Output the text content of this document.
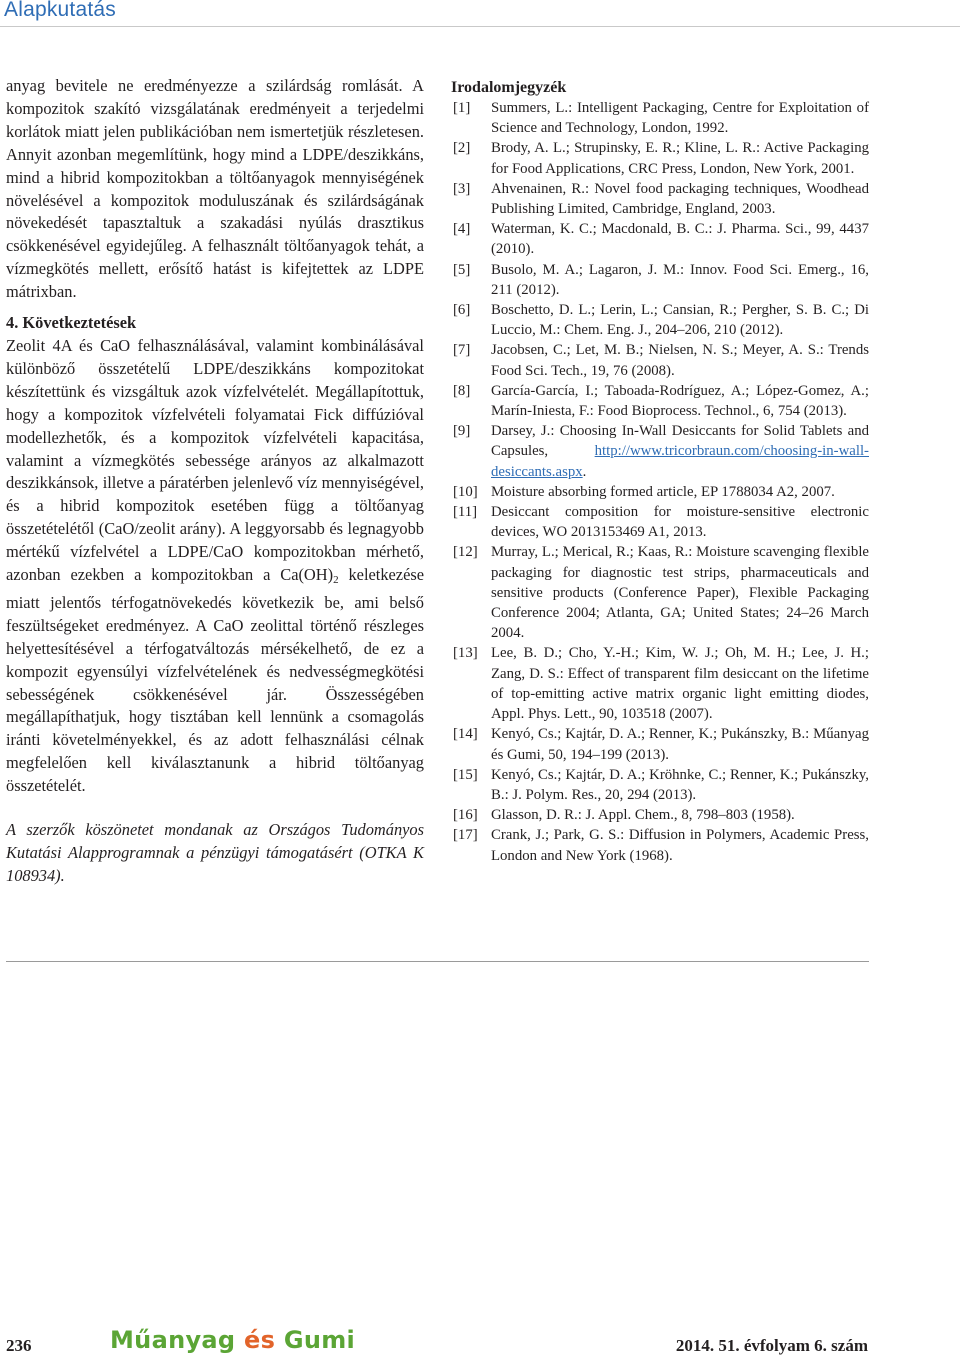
Alapkutatás

anyag bevitele ne eredményezze a szilárdság romlását. A kompozitok szakító vizsgálatának eredményeit a terjedelmi korlátok miatt jelen publikációban nem ismertetjük részletesen. Annyit azonban megemlítünk, hogy mind a LDPE/deszikkáns, mind a hibrid kompozitokban a töltőanyagok mennyiségének növelésével a kompozitok moduluszának és szilárdságának növekedését tapasztaltuk a szakadási nyúlás drasztikus csökkenésével egyidejűleg. A felhasznált töltőanyagok tehát, a vízmegkötés mellett, erősítő hatást is kifejtettek az LDPE mátrixban.

4. Következtetések

Zeolit 4A és CaO felhasználásával, valamint kombinálásával különböző összetételű LDPE/deszikkáns kompozitokat készítettünk és vizsgáltuk azok vízfelvételét. Megállapítottuk, hogy a kompozitok vízfelvételi folyamatai Fick diffúzióval modellezhetők, és a kompozitok vízfelvételi kapacitása, valamint a vízmegkötés sebessége arányos az alkalmazott deszikkánsok, illetve a páratérben jelenlevő víz mennyiségével, és a hibrid kompozitok esetében függ a töltőanyag összetételétől (CaO/zeolit arány). A leggyorsabb és legnagyobb mértékű vízfelvétel a LDPE/CaO kompozitokban mérhető, azonban ezekben a kompozitokban a $Ca(OH)_2$ keletkezése miatt jelentős térfogatnövekedés következik be, ami belső feszültségeket eredményez. A CaO zeolittal történő részleges helyettesítésével a térfogatváltozás mérsékelhető, de ez a kompozit egyensúlyi vízfelvételének és nedvességmegkötési sebességének csökkenésével jár. Összességében megállapíthatjuk, hogy tisztában kell lennünk a csomagolás iránti követelményekkel, és az adott felhasználási célnak megfelelően kell kiválasztanunk a hibrid töltőanyag összetételét.

A szerzők köszönetet mondanak az Országos Tudományos Kutatási Alapprogramnak a pénzügyi támogatásért (OTKA K 108934).

Irodalomjegyzék
[1]	Summers, L.: Intelligent Packaging, Centre for Exploitation of Science and Technology, London, 1992.
[2]	Brody, A. L.; Strupinsky, E. R.; Kline, L. R.: Active Packaging for Food Applications, CRC Press, London, New York, 2001.
[3]	Ahvenainen, R.: Novel food packaging techniques, Woodhead Publishing Limited, Cambridge, England, 2003.
[4]	Waterman, K. C.; Macdonald, B. C.: J. Pharma. Sci., 99, 4437 (2010).
[5]	Busolo, M. A.; Lagaron, J. M.: Innov. Food Sci. Emerg., 16, 211 (2012).
[6]	Boschetto, D. L.; Lerin, L.; Cansian, R.; Pergher, S. B. C.; Di Luccio, M.: Chem. Eng. J., 204–206, 210 (2012).
[7]	Jacobsen, C.; Let, M. B.; Nielsen, N. S.; Meyer, A. S.: Trends Food Sci. Tech., 19, 76 (2008).
[8]	García-García, I.; Taboada-Rodríguez, A.; López-Gomez, A.; Marín-Iniesta, F.: Food Bioprocess. Technol., 6, 754 (2013).
[9]	Darsey, J.: Choosing In-Wall Desiccants for Solid Tablets and Capsules, http://www.tricorbraun.com/choosing-in-wall-desiccants.aspx.
[10] Moisture absorbing formed article, EP 1788034 A2, 2007.
[11] Desiccant composition for moisture-sensitive electronic devices, WO 2013153469 A1, 2013.
[12] Murray, L.; Merical, R.; Kaas, R.: Moisture scavenging flexible packaging for diagnostic test strips, pharmaceuticals and sensitive products (Conference Paper), Flexible Packaging Conference 2004; Atlanta, GA; United States; 24–26 March 2004.
[13] Lee, B. D.; Cho, Y.-H.; Kim, W. J.; Oh, M. H.; Lee, J. H.; Zang, D. S.: Effect of transparent film desiccant on the lifetime of top-emitting active matrix organic light emitting diodes, Appl. Phys. Lett., 90, 103518 (2007).
[14] Kenyó, Cs.; Kajtár, D. A.; Renner, K.; Pukánszky, B.: Műanyag és Gumi, 50, 194–199 (2013).
[15] Kenyó, Cs.; Kajtár, D. A.; Kröhnke, C.; Renner, K.; Pukánszky, B.: J. Polym. Res., 20, 294 (2013).
[16] Glasson, D. R.: J. Appl. Chem., 8, 798–803 (1958).
[17] Crank, J.; Park, G. S.: Diffusion in Polymers, Academic Press, London and New York (1968).
236	Műanyag és Gumi	2014. 51. évfolyam 6. szám
